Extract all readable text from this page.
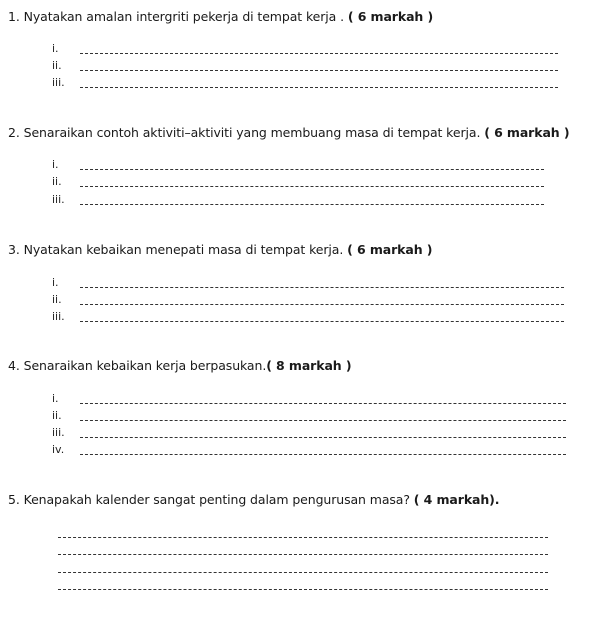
1. Nyatakan amalan intergriti pekerja di tempat kerja . ( 6 markah )
i.
ii.
iii.
2. Senaraikan contoh aktiviti–aktiviti yang membuang masa di tempat kerja. ( 6 markah )
i.
ii.
iii.
3. Nyatakan kebaikan menepati masa di tempat kerja. ( 6 markah )
i.
ii.
iii.
4. Senaraikan kebaikan kerja berpasukan.( 8 markah )
i.
ii.
iii.
iv.
5. Kenapakah kalender sangat penting dalam pengurusan masa? ( 4 markah).
